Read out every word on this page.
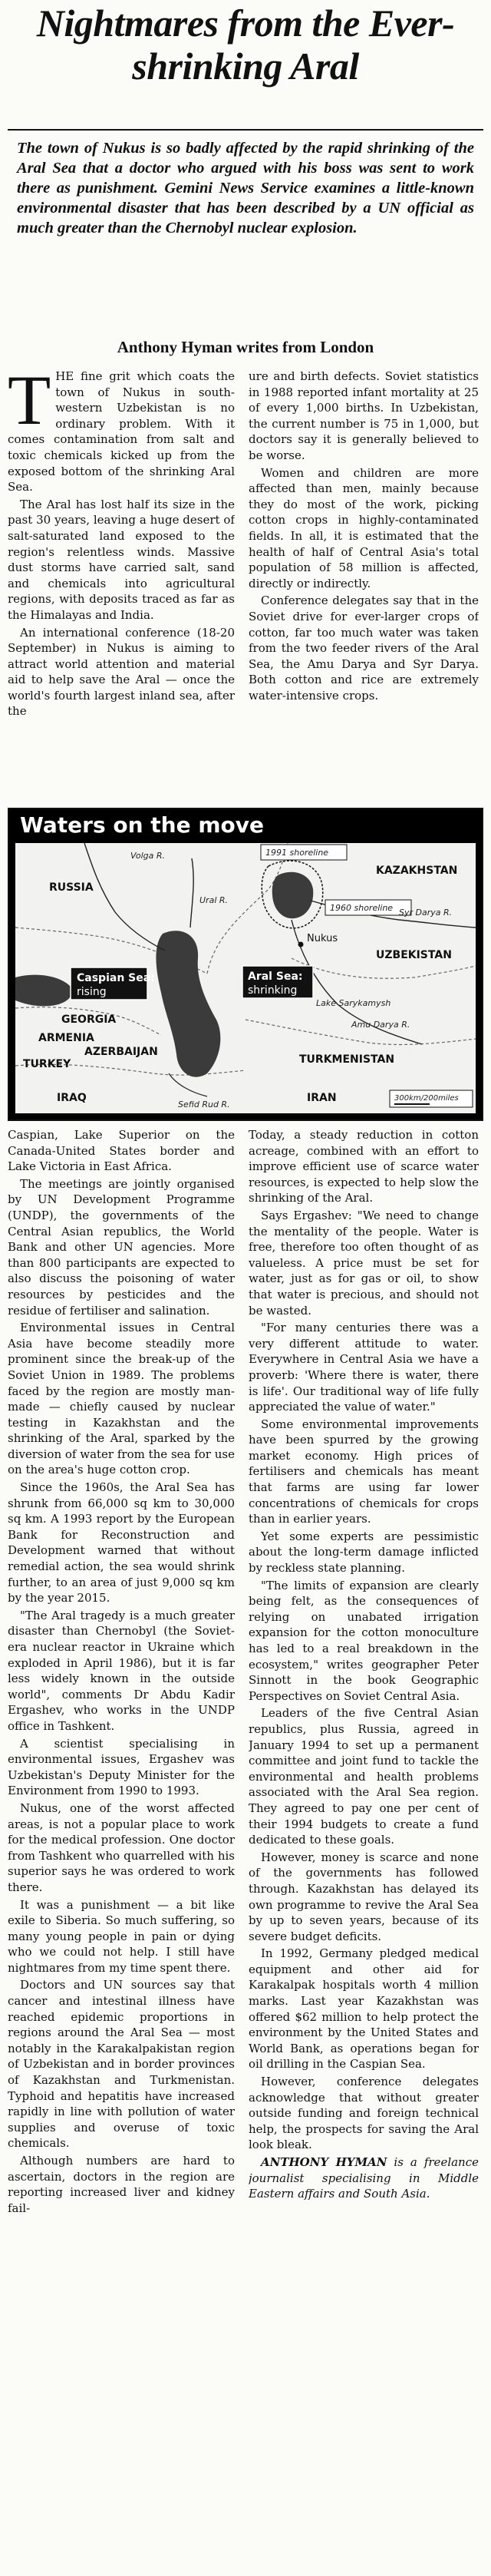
Nightmares from the Ever-shrinking Aral

The town of Nukus is so badly affected by the rapid shrinking of the Aral Sea that a doctor who argued with his boss was sent to work there as punishment. Gemini News Service examines a little-known environmental disaster that has been described by a UN official as much greater than the Chernobyl nuclear explosion.

Anthony Hyman writes from London

THE fine grit which coats the town of Nukus in south-western Uzbekistan is no ordinary problem. With it comes contamination from salt and toxic chemicals kicked up from the exposed bottom of the shrinking Aral Sea.

The Aral has lost half its size in the past 30 years, leaving a huge desert of salt-saturated land exposed to the region's relentless winds. Massive dust storms have carried salt, sand and chemicals into agricultural regions, with deposits traced as far as the Himalayas and India.

An international conference (18-20 September) in Nukus is aiming to attract world attention and material aid to help save the Aral — once the world's fourth largest inland sea, after the

ure and birth defects. Soviet statistics in 1988 reported infant mortality at 25 of every 1,000 births. In Uzbekistan, the current number is 75 in 1,000, but doctors say it is generally believed to be worse.

Women and children are more affected than men, mainly because they do most of the work, picking cotton crops in highly-contaminated fields. In all, it is estimated that the health of half of Central Asia's total population of 58 million is affected, directly or indirectly.

Conference delegates say that in the Soviet drive for ever-larger crops of cotton, far too much water was taken from the two feeder rivers of the Aral Sea, the Amu Darya and Syr Darya. Both cotton and rice are extremely water-intensive crops.

Waters on the move

1991 shoreline
1960 shoreline
Caspian Sea:
rising
Aral Sea:
shrinking
RUSSIA
KAZAKHSTAN
GEORGIA
ARMENIA
AZERBAIJAN
TURKEY
IRAQ	IRAN
UZBEKISTAN
TURKMENISTAN
Nukus
Volga R.
Ural R.
Syr Darya R.
Amu Darya R.
Sefid Rud R.
Lake Sarykamysh
300km/200miles

Caspian, Lake Superior on the Canada-United States border and Lake Victoria in East Africa.

The meetings are jointly organised by UN Development Programme (UNDP), the governments of the Central Asian republics, the World Bank and other UN agencies. More than 800 participants are expected to also discuss the poisoning of water resources by pesticides and the residue of fertiliser and salination.

Environmental issues in Central Asia have become steadily more prominent since the break-up of the Soviet Union in 1989. The problems faced by the region are mostly man-made — chiefly caused by nuclear testing in Kazakhstan and the shrinking of the Aral, sparked by the diversion of water from the sea for use on the area's huge cotton crop.

Since the 1960s, the Aral Sea has shrunk from 66,000 sq km to 30,000 sq km. A 1993 report by the European Bank for Reconstruction and Development warned that without remedial action, the sea would shrink further, to an area of just 9,000 sq km by the year 2015.

"The Aral tragedy is a much greater disaster than Chernobyl (the Soviet-era nuclear reactor in Ukraine which exploded in April 1986), but it is far less widely known in the outside world", comments Dr Abdu Kadir Ergashev, who works in the UNDP office in Tashkent.

A scientist specialising in environmental issues, Ergashev was Uzbekistan's Deputy Minister for the Environment from 1990 to 1993.

Nukus, one of the worst affected areas, is not a popular place to work for the medical profession. One doctor from Tashkent who quarrelled with his superior says he was ordered to work there.

It was a punishment — a bit like exile to Siberia. So much suffering, so many young people in pain or dying who we could not help. I still have nightmares from my time spent there.

Doctors and UN sources say that cancer and intestinal illness have reached epidemic proportions in regions around the Aral Sea — most notably in the Karakalpakistan region of Uzbekistan and in border provinces of Kazakhstan and Turkmenistan. Typhoid and hepatitis have increased rapidly in line with pollution of water supplies and overuse of toxic chemicals.

Although numbers are hard to ascertain, doctors in the region are reporting increased liver and kidney fail-

Today, a steady reduction in cotton acreage, combined with an effort to improve efficient use of scarce water resources, is expected to help slow the shrinking of the Aral.

Says Ergashev: "We need to change the mentality of the people. Water is free, therefore too often thought of as valueless. A price must be set for water, just as for gas or oil, to show that water is precious, and should not be wasted.

"For many centuries there was a very different attitude to water. Everywhere in Central Asia we have a proverb: 'Where there is water, there is life'. Our traditional way of life fully appreciated the value of water."

Some environmental improvements have been spurred by the growing market economy. High prices of fertilisers and chemicals has meant that farms are using far lower concentrations of chemicals for crops than in earlier years.

Yet some experts are pessimistic about the long-term damage inflicted by reckless state planning.

"The limits of expansion are clearly being felt, as the consequences of relying on unabated irrigation expansion for the cotton monoculture has led to a real breakdown in the ecosystem," writes geographer Peter Sinnott in the book Geographic Perspectives on Soviet Central Asia.

Leaders of the five Central Asian republics, plus Russia, agreed in January 1994 to set up a permanent committee and joint fund to tackle the environmental and health problems associated with the Aral Sea region. They agreed to pay one per cent of their 1994 budgets to create a fund dedicated to these goals.

However, money is scarce and none of the governments has followed through. Kazakhstan has delayed its own programme to revive the Aral Sea by up to seven years, because of its severe budget deficits.

In 1992, Germany pledged medical equipment and other aid for Karakalpak hospitals worth 4 million marks. Last year Kazakhstan was offered $62 million to help protect the environment by the United States and World Bank, as operations began for oil drilling in the Caspian Sea.

However, conference delegates acknowledge that without greater outside funding and foreign technical help, the prospects for saving the Aral look bleak.

ANTHONY HYMAN is a freelance journalist specialising in Middle Eastern affairs and South Asia.
